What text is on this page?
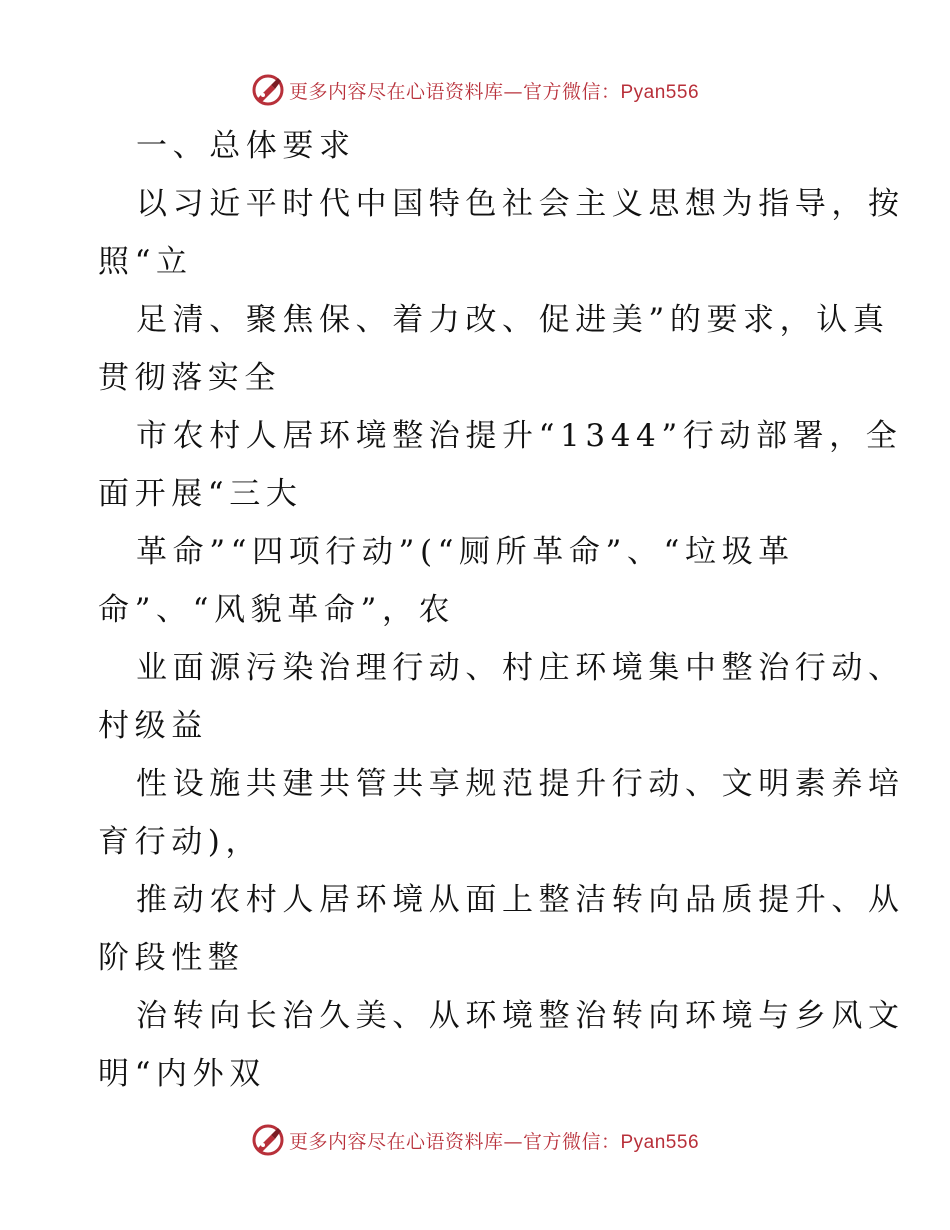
更多内容尽在心语资料库—官方微信：Pyan556
一、总体要求
以习近平时代中国特色社会主义思想为指导，按
照“立
足清、聚焦保、着力改、促进美”的要求，认真
贯彻落实全
市农村人居环境整治提升“1344”行动部署，全
面开展“三大
革命”“四项行动”(“厕所革命”、“垃圾革
命”、“风貌革命”，农
业面源污染治理行动、村庄环境集中整治行动、
村级益
性设施共建共管共享规范提升行动、文明素养培
育行动)，
推动农村人居环境从面上整洁转向品质提升、从
阶段性整
治转向长治久美、从环境整治转向环境与乡风文
明“内外双
更多内容尽在心语资料库—官方微信：Pyan556
